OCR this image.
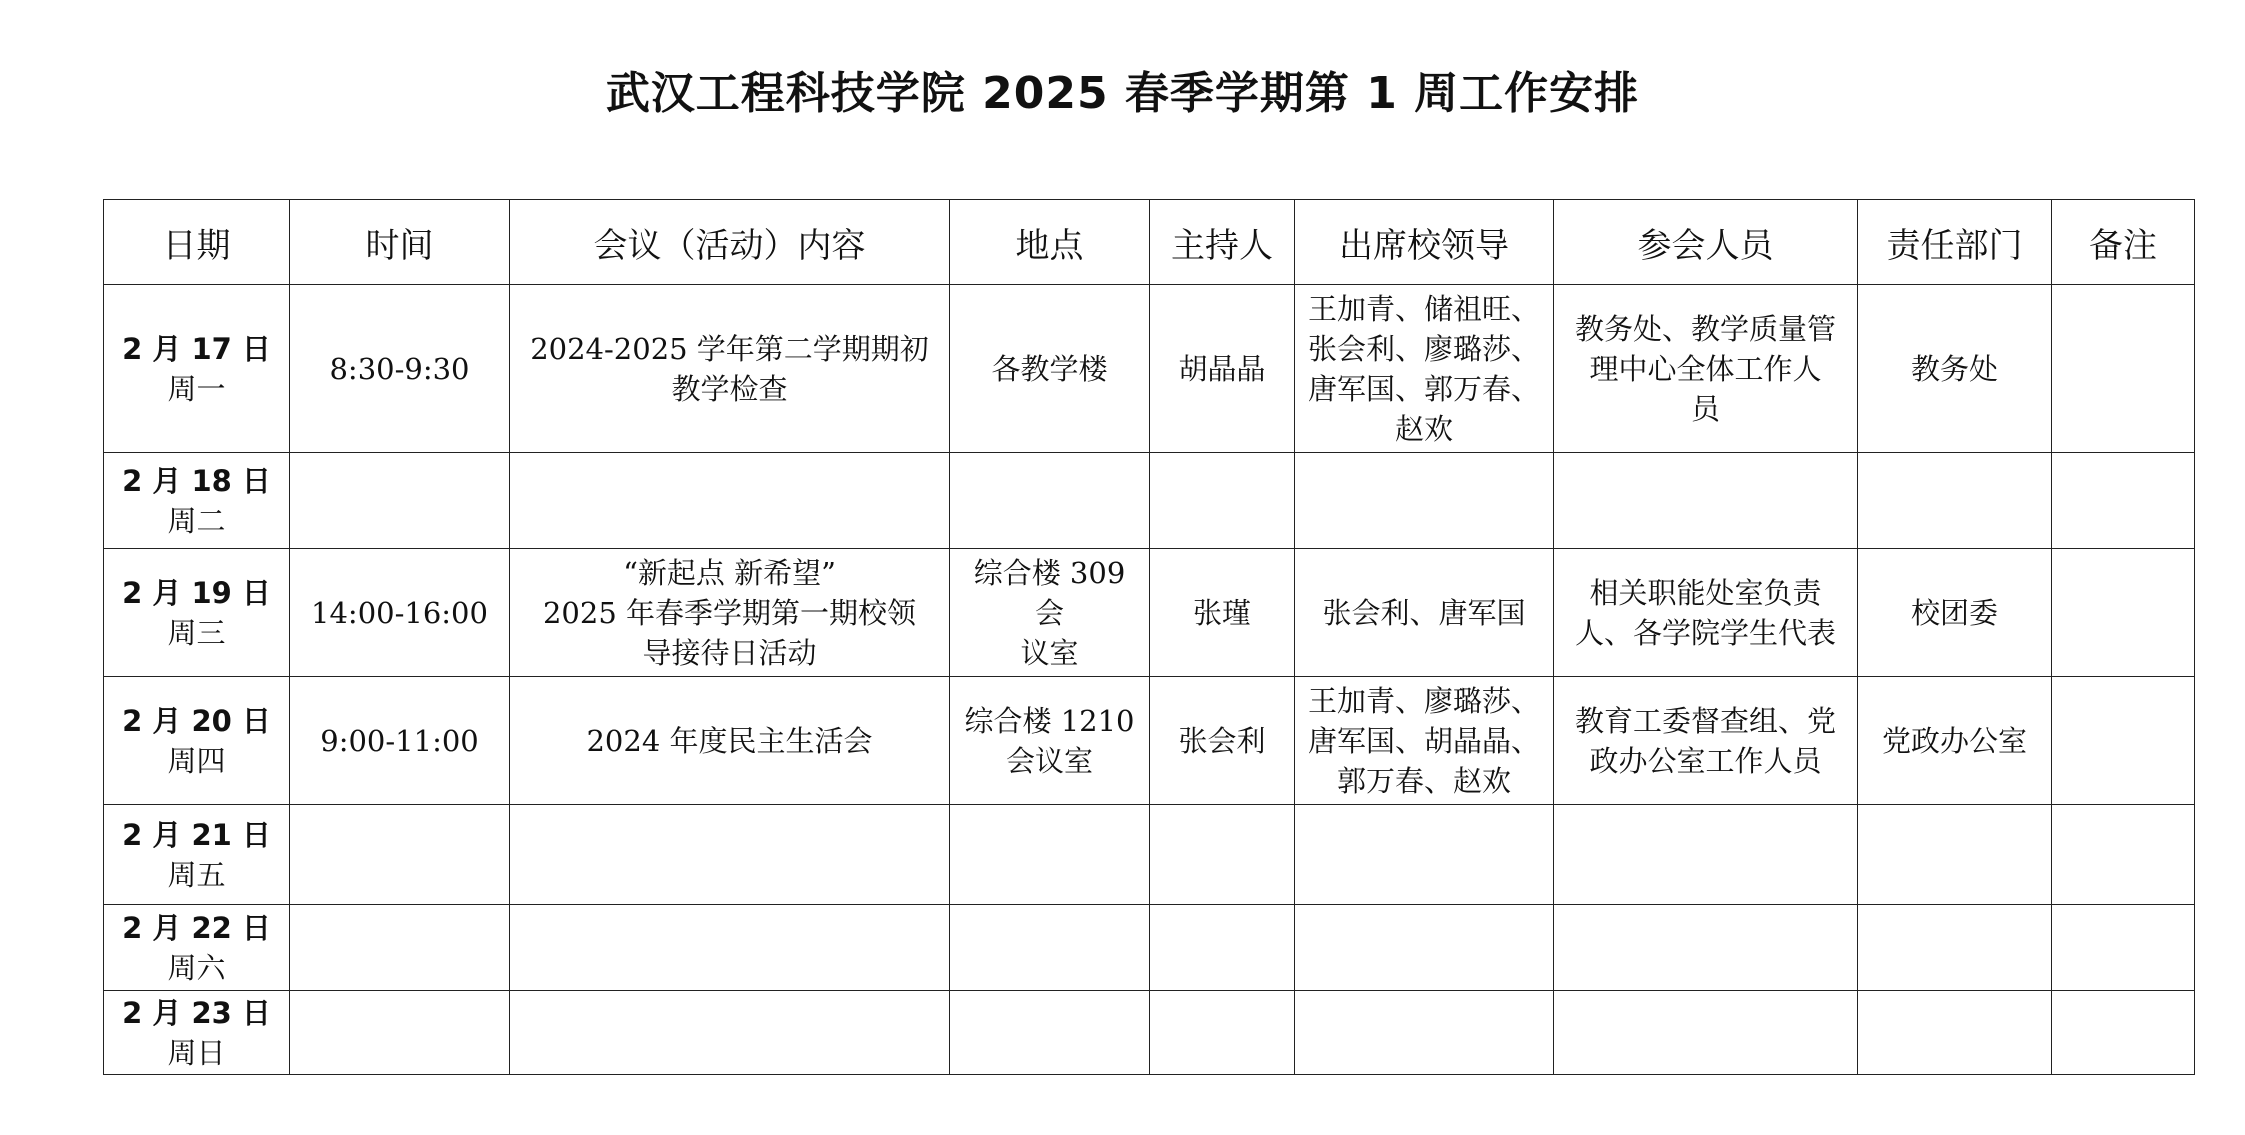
武汉工程科技学院 2025 春季学期第 1 周工作安排
日期	时间	会议（活动）内容	地点	主持人	出席校领导	参会人员	责任部门	备注

2 月 17 日
周一	8:30-9:30	2024-2025 学年第二学期期初
教学检查	各教学楼	胡晶晶	王加青、储祖旺、
张会利、廖璐莎、
唐军国、郭万春、
赵欢	教务处、教学质量管
理中心全体工作人
员	教务处	

2 月 18 日
周二								

2 月 19 日
周三	14:00-16:00	“新起点 新希望”
2025 年春季学期第一期校领
导接待日活动	综合楼 309 会
议室	张瑾	张会利、唐军国	相关职能处室负责
人、各学院学生代表	校团委	

2 月 20 日
周四	9:00-11:00	2024 年度民主生活会	综合楼 1210
会议室	张会利	王加青、廖璐莎、
唐军国、胡晶晶、
郭万春、赵欢	教育工委督查组、党
政办公室工作人员	党政办公室	

2 月 21 日
周五								

2 月 22 日
周六								

2 月 23 日
周日								
